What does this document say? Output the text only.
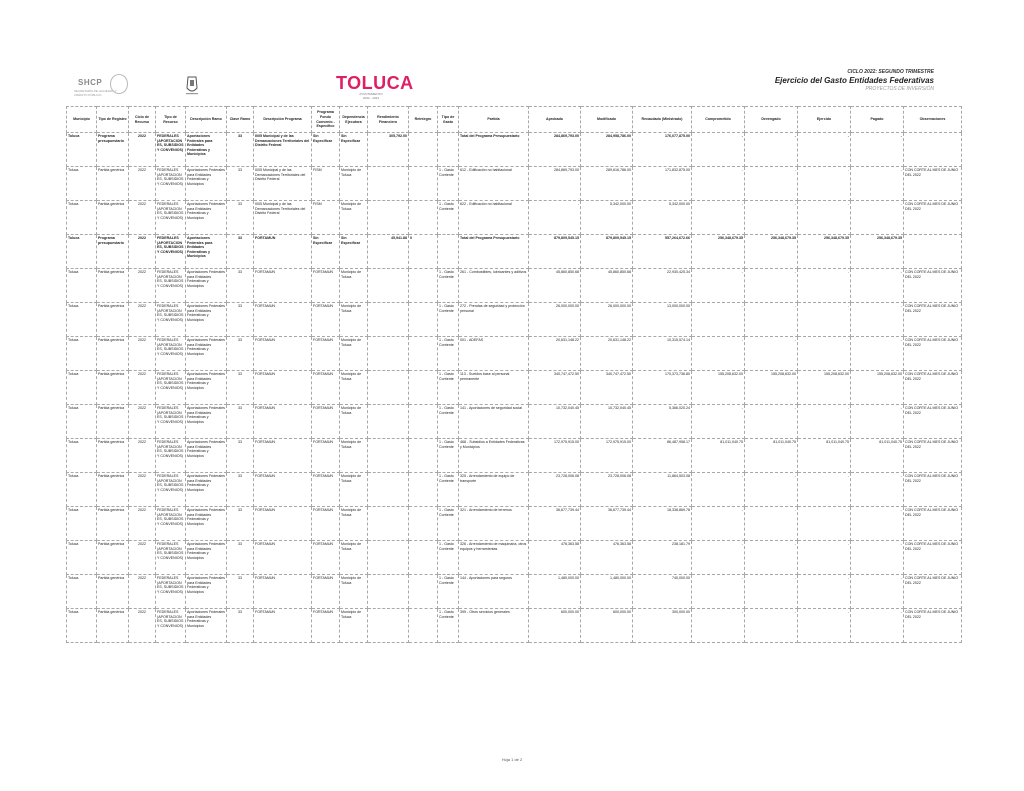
SHCP
SECRETARÍA DE HACIENDA Y CRÉDITO PÚBLICO
TOLUCA
AYUNTAMIENTO
2022 - 2024
CICLO 2022: SEGUNDO TRIMESTRE
Ejercicio del Gasto Entidades Federativas
PROYECTOS DE INVERSIÓN
Municipio	Tipo de Registro	Ciclo de Recurso	Tipo de Recurso	Descripción Ramo	Clave Ramo	Descripción Programa	Programa Fondo Convenio - Específico	Dependencia Ejecutora	Rendimiento Financiero	Reintegro	Tipo de Gasto	Partida	Aprobado	Modificado	Recaudado (Ministrado)	Comprometido	Devengado	Ejercido	Pagado	Observaciones
Toluca	Programa presupuestario	2022	FEDERALES (APORTACIONES, SUBSIDIOS Y CONVENIOS)	Aportaciones Federales para Entidades Federativas y Municipios	33	I005 Municipal y de las Demarcaciones Territoriales del Distrito Federal	Sin Especificar	Sin Especificar	305,792.00			Total del Programa Presupuestario	284,869,793.00	284,958,786.00	176,077,875.00	-	-	-	-	
Toluca	Partida genérica	2022	FEDERALES (APORTACIONES, SUBSIDIOS Y CONVENIOS)	Aportaciones Federales para Entidades Federativas y Municipios	33	I005 Municipal y de las Demarcaciones Territoriales del Distrito Federal	FISM	Municipio de Toluca			1 - Gasto Corriente	612 - Edificación no habitacional	284,869,793.00	289,616,786.00	171,832,875.00	-	-	-	-	CON CORTE AL MES DE JUNIO DEL 2022
Toluca	Partida genérica	2022	FEDERALES (APORTACIONES, SUBSIDIOS Y CONVENIOS)	Aportaciones Federales para Entidades Federativas y Municipios	33	I005 Municipal y de las Demarcaciones Territoriales del Distrito Federal	FISM	Municipio de Toluca			1 - Gasto Corriente	622 - Edificación no habitacional	-	5,342,000.00	5,342,000.00	-	-	-	-	CON CORTE AL MES DE JUNIO DEL 2022
Toluca	Programa presupuestario	2022	FEDERALES (APORTACIONES, SUBSIDIOS Y CONVENIOS)	Aportaciones Federales para Entidades Federativas y Municipios	33	FORTAMUN	Sin Especificar	Sin Especificar	45,941.88	0		Total del Programa Presupuestario	879,809,545.15	879,809,545.15	557,264,672.66	256,348,679.35	256,348,679.35	256,348,679.35	256,348,679.35	
Toluca	Partida genérica	2022	FEDERALES (APORTACIONES, SUBSIDIOS Y CONVENIOS)	Aportaciones Federales para Entidades Federativas y Municipios	33	FORTAMUN	FORTAMUN	Municipio de Toluca			1 - Gasto Corriente	261 - Combustibles, lubricantes y aditivos	45,860,850.68	45,860,850.68	22,930,425.34	-	-	-	-	CON CORTE AL MES DE JUNIO DEL 2022
Toluca	Partida genérica	2022	FEDERALES (APORTACIONES, SUBSIDIOS Y CONVENIOS)	Aportaciones Federales para Entidades Federativas y Municipios	33	FORTAMUN	FORTAMUN	Municipio de Toluca			1 - Gasto Corriente	272 - Prendas de seguridad y protección personal	26,000,000.00	26,000,000.00	13,000,000.00	-	-	-	-	CON CORTE AL MES DE JUNIO DEL 2022
Toluca	Partida genérica	2022	FEDERALES (APORTACIONES, SUBSIDIOS Y CONVENIOS)	Aportaciones Federales para Entidades Federativas y Municipios	33	FORTAMUN	FORTAMUN	Municipio de Toluca			1 - Gasto Corriente	001 - ADEFAS	20,631,148.22	20,631,148.22	10,315,574.14	-	-	-	-	CON CORTE AL MES DE JUNIO DEL 2022
Toluca	Partida genérica	2022	FEDERALES (APORTACIONES, SUBSIDIOS Y CONVENIOS)	Aportaciones Federales para Entidades Federativas y Municipios	33	FORTAMUN	FORTAMUN	Municipio de Toluca			1 - Gasto Corriente	113 - Sueldos base al personal permanente	340,747,472.50	340,747,472.50	170,373,736.80	155,208,632.00	155,208,632.00	155,208,632.00	155,208,632.00	CON CORTE AL MES DE JUNIO DEL 2022
Toluca	Partida genérica	2022	FEDERALES (APORTACIONES, SUBSIDIOS Y CONVENIOS)	Aportaciones Federales para Entidades Federativas y Municipios	33	FORTAMUN	FORTAMUN	Municipio de Toluca			1 - Gasto Corriente	141 - Aportaciones de seguridad social	10,732,040.45	10,732,040.45	5,366,020.24	-	-	-	-	CON CORTE AL MES DE JUNIO DEL 2022
Toluca	Partida genérica	2022	FEDERALES (APORTACIONES, SUBSIDIOS Y CONVENIOS)	Aportaciones Federales para Entidades Federativas y Municipios	33	FORTAMUN	FORTAMUN	Municipio de Toluca			1 - Gasto Corriente	468 - Subsidios a Entidades Federativas y Municipios	172,975,915.00	172,975,915.00	86,487,958.17	81,011,040.75	81,011,040.75	81,011,040.75	81,011,040.75	CON CORTE AL MES DE JUNIO DEL 2022
Toluca	Partida genérica	2022	FEDERALES (APORTACIONES, SUBSIDIOS Y CONVENIOS)	Aportaciones Federales para Entidades Federativas y Municipios	33	FORTAMUN	FORTAMUN	Municipio de Toluca			1 - Gasto Corriente	325 - Arrendamiento de equipo de transporte	23,728,006.08	23,728,006.08	11,864,503.08	-	-	-	-	CON CORTE AL MES DE JUNIO DEL 2022
Toluca	Partida genérica	2022	FEDERALES (APORTACIONES, SUBSIDIOS Y CONVENIOS)	Aportaciones Federales para Entidades Federativas y Municipios	33	FORTAMUN	FORTAMUN	Municipio de Toluca			1 - Gasto Corriente	321 - Arrendamiento de terrenos	36,677,739.44	36,677,739.44	18,338,869.78	-	-	-	-	CON CORTE AL MES DE JUNIO DEL 2022
Toluca	Partida genérica	2022	FEDERALES (APORTACIONES, SUBSIDIOS Y CONVENIOS)	Aportaciones Federales para Entidades Federativas y Municipios	33	FORTAMUN	FORTAMUN	Municipio de Toluca			1 - Gasto Corriente	326 - Arrendamiento de maquinaria, otros equipos y herramientas	476,363.58	476,363.58	238,181.79	-	-	-	-	CON CORTE AL MES DE JUNIO DEL 2022
Toluca	Partida genérica	2022	FEDERALES (APORTACIONES, SUBSIDIOS Y CONVENIOS)	Aportaciones Federales para Entidades Federativas y Municipios	33	FORTAMUN	FORTAMUN	Municipio de Toluca			1 - Gasto Corriente	144 - Aportaciones para seguros	1,480,000.00	1,480,000.00	740,000.00	-	-	-	-	CON CORTE AL MES DE JUNIO DEL 2022
Toluca	Partida genérica	2022	FEDERALES (APORTACIONES, SUBSIDIOS Y CONVENIOS)	Aportaciones Federales para Entidades Federativas y Municipios	33	FORTAMUN	FORTAMUN	Municipio de Toluca			1 - Gasto Corriente	399 - Otros servicios generales	600,000.00	600,000.00	300,000.00	-	-	-	-	CON CORTE AL MES DE JUNIO DEL 2022
Hoja 1 de 2
